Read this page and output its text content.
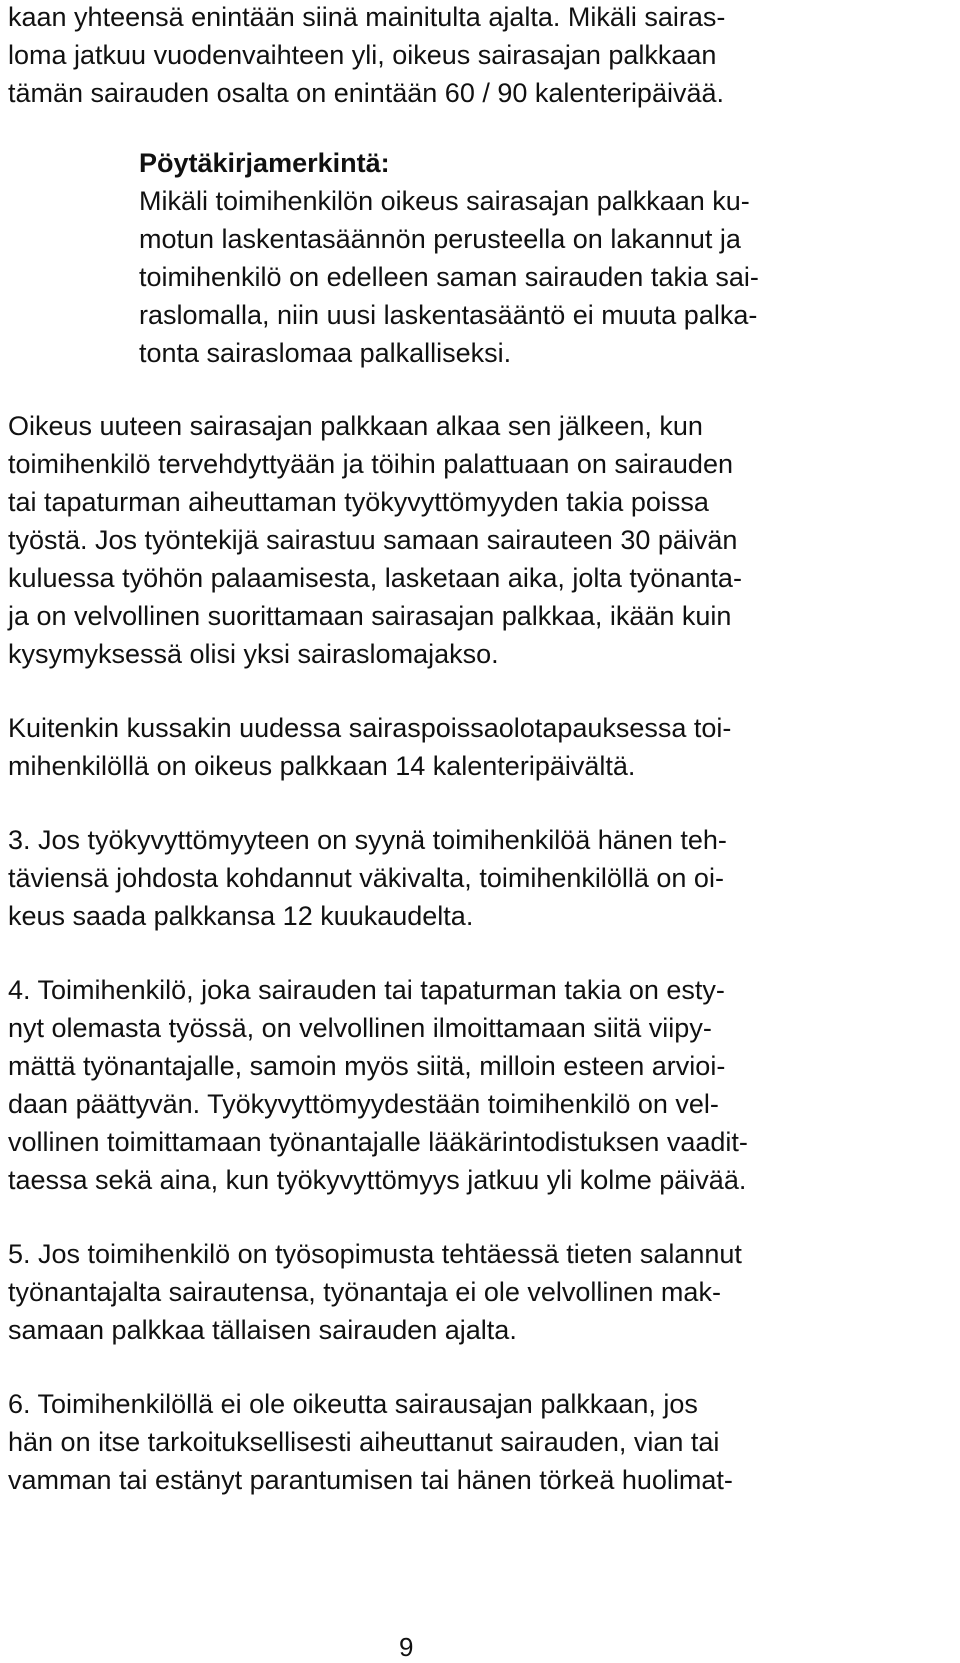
kaan yhteensä enintään siinä mainitulta ajalta. Mikäli sairas-

loma jatkuu vuodenvaihteen yli, oikeus sairasajan palkkaan

tämän sairauden osalta on enintään 60 / 90 kalenteripäivää.

Pöytäkirjamerkintä:

Mikäli toimihenkilön oikeus sairasajan palkkaan ku-

motun laskentasäännön perusteella on lakannut ja

toimihenkilö on edelleen saman sairauden takia sai-

raslomalla, niin uusi laskentasääntö ei muuta palka-

tonta sairaslomaa palkalliseksi.

Oikeus uuteen sairasajan palkkaan alkaa sen jälkeen, kun

toimihenkilö tervehdyttyään ja töihin palattuaan on sairauden

tai tapaturman aiheuttaman työkyvyttömyyden takia poissa

työstä. Jos työntekijä sairastuu samaan sairauteen 30 päivän

kuluessa työhön palaamisesta, lasketaan aika, jolta työnanta-

ja on velvollinen suorittamaan sairasajan palkkaa, ikään kuin

kysymyksessä olisi yksi sairaslomajakso.

Kuitenkin kussakin uudessa sairaspoissaolotapauksessa toi-

mihenkilöllä on oikeus palkkaan 14 kalenteripäivältä.

3. Jos työkyvyttömyyteen on syynä toimihenkilöä hänen teh-

täviensä johdosta kohdannut väkivalta, toimihenkilöllä on oi-

keus saada palkkansa 12 kuukaudelta.

4. Toimihenkilö, joka sairauden tai tapaturman takia on esty-

nyt olemasta työssä, on velvollinen ilmoittamaan siitä viipy-

mättä työnantajalle, samoin myös siitä, milloin esteen arvioi-

daan päättyvän. Työkyvyttömyydestään toimihenkilö on vel-

vollinen toimittamaan työnantajalle lääkärintodistuksen vaadit-

taessa sekä aina, kun työkyvyttömyys jatkuu yli kolme päivää.

5. Jos toimihenkilö on työsopimusta tehtäessä tieten salannut

työnantajalta sairautensa, työnantaja ei ole velvollinen mak-

samaan palkkaa tällaisen sairauden ajalta.

6. Toimihenkilöllä ei ole oikeutta sairausajan palkkaan, jos

hän on itse tarkoituksellisesti aiheuttanut sairauden, vian tai

vamman tai estänyt parantumisen tai hänen törkeä huolimat-

9
